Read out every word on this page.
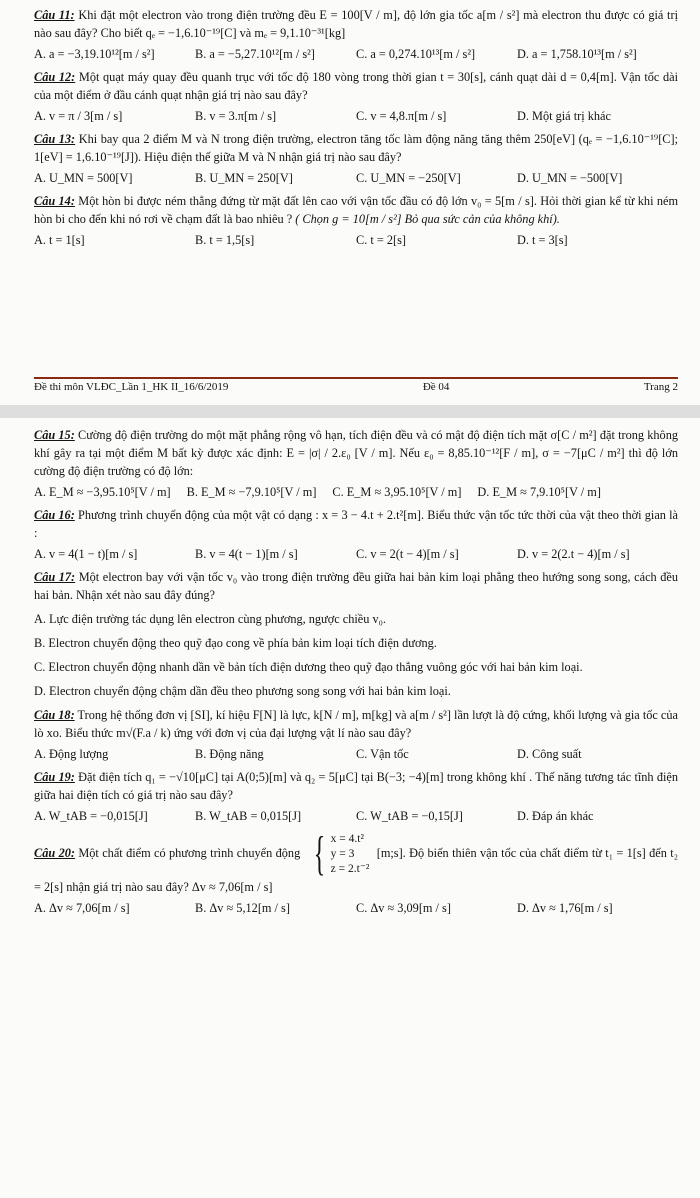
Câu 11: Khi đặt một electron vào trong điện trường đều E = 100[V / m], độ lớn gia tốc a[m / s²] mà electron thu được có giá trị nào sau đây? Cho biết qₑ = −1,6.10⁻¹⁹[C] và mₑ = 9,1.10⁻³¹[kg]

A. a = −3,19.10¹²[m / s²]	B. a = −5,27.10¹²[m / s²]	C. a = 0,274.10¹³[m / s²]	D. a = 1,758.10¹³[m / s²]

Câu 12: Một quạt máy quay đều quanh trục với tốc độ 180 vòng trong thời gian t = 30[s], cánh quạt dài d = 0,4[m]. Vận tốc dài của một điểm ở đầu cánh quạt nhận giá trị nào sau đây?

A. v = π / 3[m / s]	B. v = 3.π[m / s]	C. v = 4,8.π[m / s]	D. Một giá trị khác

Câu 13: Khi bay qua 2 điểm M và N trong điện trường, electron tăng tốc làm động năng tăng thêm 250[eV] (qₑ = −1,6.10⁻¹⁹[C]; 1[eV] = 1,6.10⁻¹⁹[J]). Hiệu điện thế giữa M và N nhận giá trị nào sau đây?

A. U_MN = 500[V]	B. U_MN = 250[V]	C. U_MN = −250[V]	D. U_MN = −500[V]

Câu 14: Một hòn bi được ném thẳng đứng từ mặt đất lên cao với vận tốc đầu có độ lớn v₀ = 5[m / s]. Hỏi thời gian kể từ khi ném hòn bi cho đến khi nó rơi về chạm đất là bao nhiêu ? ( Chọn g = 10[m / s²] Bỏ qua sức cản của không khí).

A. t = 1[s]	B. t = 1,5[s]	C. t = 2[s]	D. t = 3[s]
Đề thi môn VLĐC_Lần 1_HK II_16/6/2019	Đề 04	Trang 2

Câu 15: Cường độ điện trường do một mặt phẳng rộng vô hạn, tích điện đều và có mật độ điện tích mặt σ[C / m²] đặt trong không khí gây ra tại một điểm M bất kỳ được xác định: E = |σ| / 2.ε₀ [V / m]. Nếu ε₀ = 8,85.10⁻¹²[F / m], σ = −7[μC / m²] thì độ lớn cường độ điện trường có độ lớn:

A. E_M ≈ −3,95.10⁵[V / m] B. E_M ≈ −7,9.10⁵[V / m] C. E_M ≈ 3,95.10⁵[V / m] D. E_M ≈ 7,9.10⁵[V / m]

Câu 16: Phương trình chuyển động của một vật có dạng : x = 3 − 4.t + 2.t²[m]. Biểu thức vận tốc tức thời của vật theo thời gian là :

A. v = 4(1 − t)[m / s]	B. v = 4(t − 1)[m / s]	C. v = 2(t − 4)[m / s]	D. v = 2(2.t − 4)[m / s]

Câu 17: Một electron bay với vận tốc v₀ vào trong điện trường đều giữa hai bản kim loại phẳng theo hướng song song, cách đều hai bản. Nhận xét nào sau đây đúng?

A. Lực điện trường tác dụng lên electron cùng phương, ngược chiều v₀.
B. Electron chuyển động theo quỹ đạo cong về phía bản kim loại tích điện dương.
C. Electron chuyển động nhanh dần về bản tích điện dương theo quỹ đạo thẳng vuông góc với hai bản kim loại.
D. Electron chuyển động chậm dần đều theo phương song song với hai bản kim loại.

Câu 18: Trong hệ thống đơn vị [SI], kí hiệu F[N] là lực, k[N / m], m[kg] và a[m / s²] lần lượt là độ cứng, khối lượng và gia tốc của lò xo. Biểu thức m√(F.a / k) ứng với đơn vị của đại lượng vật lí nào sau đây?

A. Động lượng	B. Động năng	C. Vận tốc	D. Công suất

Câu 19: Đặt điện tích q₁ = −√10[μC] tại A(0;5)[m] và q₂ = 5[μC] tại B(−3; −4)[m] trong không khí . Thế năng tương tác tĩnh điện giữa hai điện tích có giá trị nào sau đây?

A. W_tAB = −0,015[J]	B. W_tAB = 0,015[J]	C. W_tAB = −0,15[J]	D. Đáp án khác

Câu 20: Một chất điểm có phương trình chuyển động { x = 4.t²
y = 3
z = 2.t⁻²
[m;s]. Độ biến thiên vận tốc của chất điểm từ t₁ = 1[s] đến t₂ = 2[s] nhận giá trị nào sau đây? Δv ≈ 7,06[m / s]

A. Δv ≈ 7,06[m / s]	B. Δv ≈ 5,12[m / s]	C. Δv ≈ 3,09[m / s]	D. Δv ≈ 1,76[m / s]
